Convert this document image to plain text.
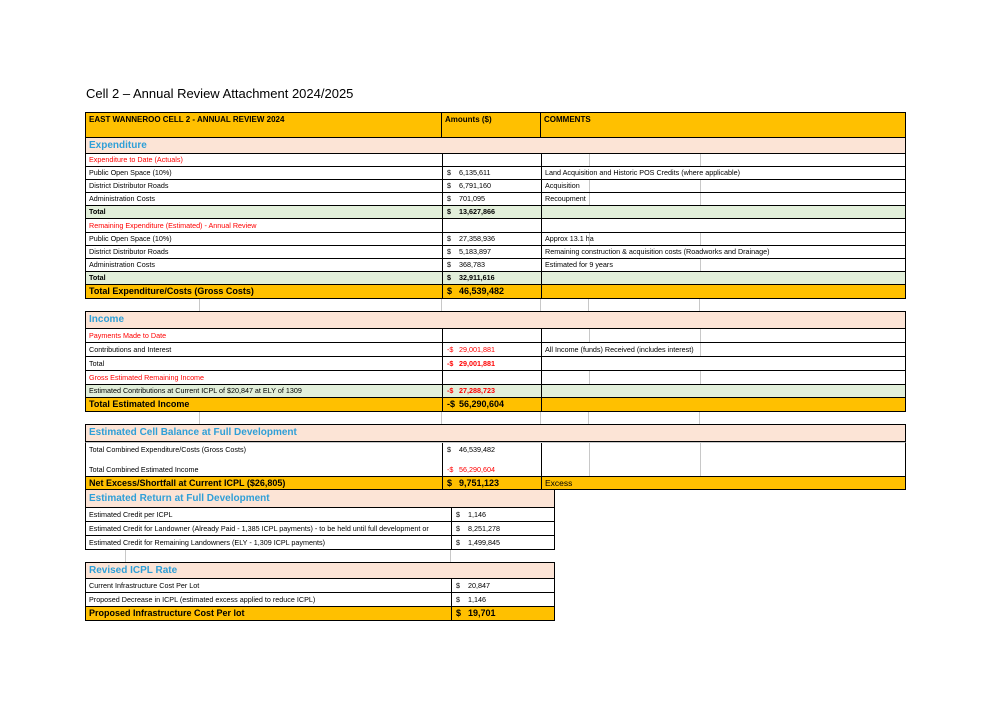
Cell 2 – Annual Review Attachment 2024/2025
EAST WANNEROO CELL 2 - ANNUAL REVIEW 2024	Amounts ($)	COMMENTS
Expenditure
Expenditure to Date (Actuals)
Public Open Space (10%)	$	6,135,611	Land Acquisition and Historic POS Credits (where applicable)
District Distributor Roads	$	6,791,160	Acquisition
Administration Costs	$	701,095	Recoupment
Total	$	13,627,866
Remaining Expenditure (Estimated) - Annual Review
Public Open Space (10%)	$	27,358,936	Approx 13.1 ha
District Distributor Roads	$	5,183,897	Remaining construction & acquisition costs (Roadworks and Drainage)
Administration Costs	$	368,783	Estimated for 9 years
Total	$	32,911,616
Total Expenditure/Costs (Gross Costs)	$ 46,539,482
Income
Payments Made to Date
Contributions and Interest	-$ 29,001,881	All Income (funds) Received (includes interest)
Total	-$ 29,001,881
Gross Estimated Remaining Income
Estimated Contributions at Current ICPL of $20,847 at ELY of 1309	-$ 27,288,723
Total Estimated Income	-$ 56,290,604
Estimated Cell Balance at Full Development
Total Combined Expenditure/Costs (Gross Costs)	$	46,539,482
Total Combined Estimated Income	-$ 56,290,604
Net Excess/Shortfall at Current ICPL ($26,805)	$ 9,751,123	Excess
Estimated Return at Full Development
Estimated Credit per ICPL	$	1,146
Estimated Credit for Landowner (Already Paid - 1,385 ICPL payments) - to be held until full development or	$	8,251,278
Estimated Credit for Remaining Landowners (ELY - 1,309 ICPL payments)	$	1,499,845
Revised ICPL Rate
Current Infrastructure Cost Per Lot	$	20,847
Proposed Decrease in ICPL (estimated excess applied to reduce ICPL)	$	1,146
Proposed Infrastructure Cost Per lot	$ 19,701
